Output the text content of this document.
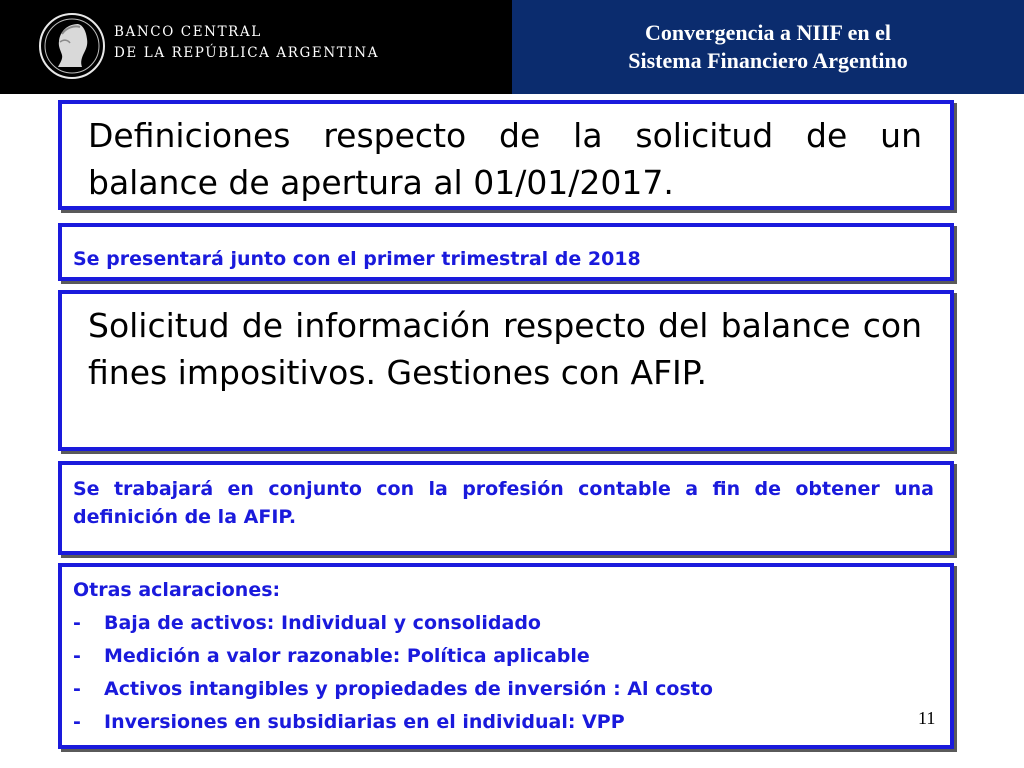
BANCO CENTRAL
DE LA REPÚBLICA ARGENTINA
Convergencia a NIIF en el
Sistema Financiero Argentino
Definiciones respecto de la solicitud de un balance de apertura al 01/01/2017.
Se presentará junto con el primer trimestral de 2018
Solicitud de información respecto del balance con fines impositivos. Gestiones con AFIP.
Se trabajará en conjunto con la profesión contable a fin de obtener una definición de la AFIP.
Otras aclaraciones:
- Baja de activos: Individual y consolidado
- Medición a valor razonable: Política aplicable
- Activos intangibles y propiedades de inversión : Al costo
- Inversiones en subsidiarias en el individual: VPP	11
